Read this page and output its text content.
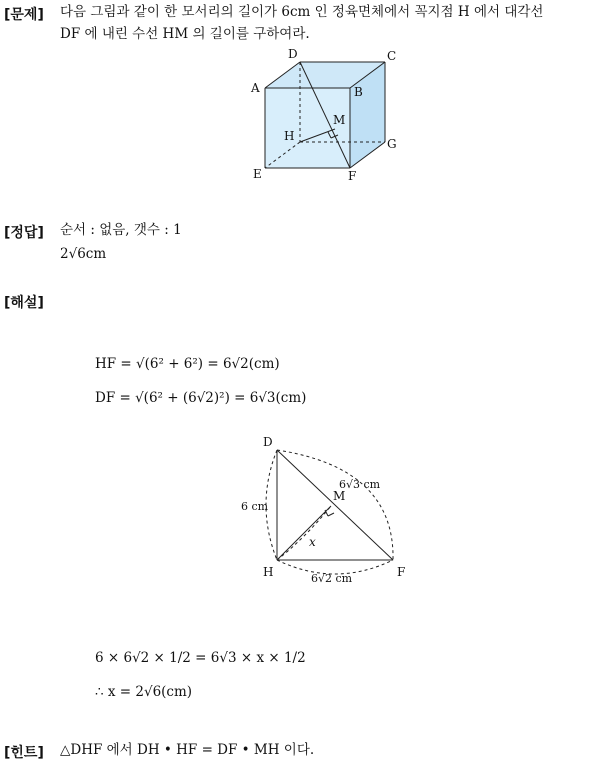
[문제] 다음 그림과 같이 한 모서리의 길이가 6cm 인 정육면체에서 꼭지점 H 에서 대각선
DF 에 내린 수선 HM 의 길이를 구하여라.
A	B
C
D
E	F
G
H
M
[정답] 순서 : 없음, 갯수 : 1
2√6cm
[해설]
HF = √(6² + 6²) = 6√2(cm)
DF = √(6² + (6√2)²) = 6√3(cm)
D
M
H	F
6√3 cm
6 cm
6√2 cm
x
6 × 6√2 × 1/2 = 6√3 × x × 1/2
∴ x = 2√6(cm)
[힌트] △DHF 에서 DH • HF = DF • MH 이다.
